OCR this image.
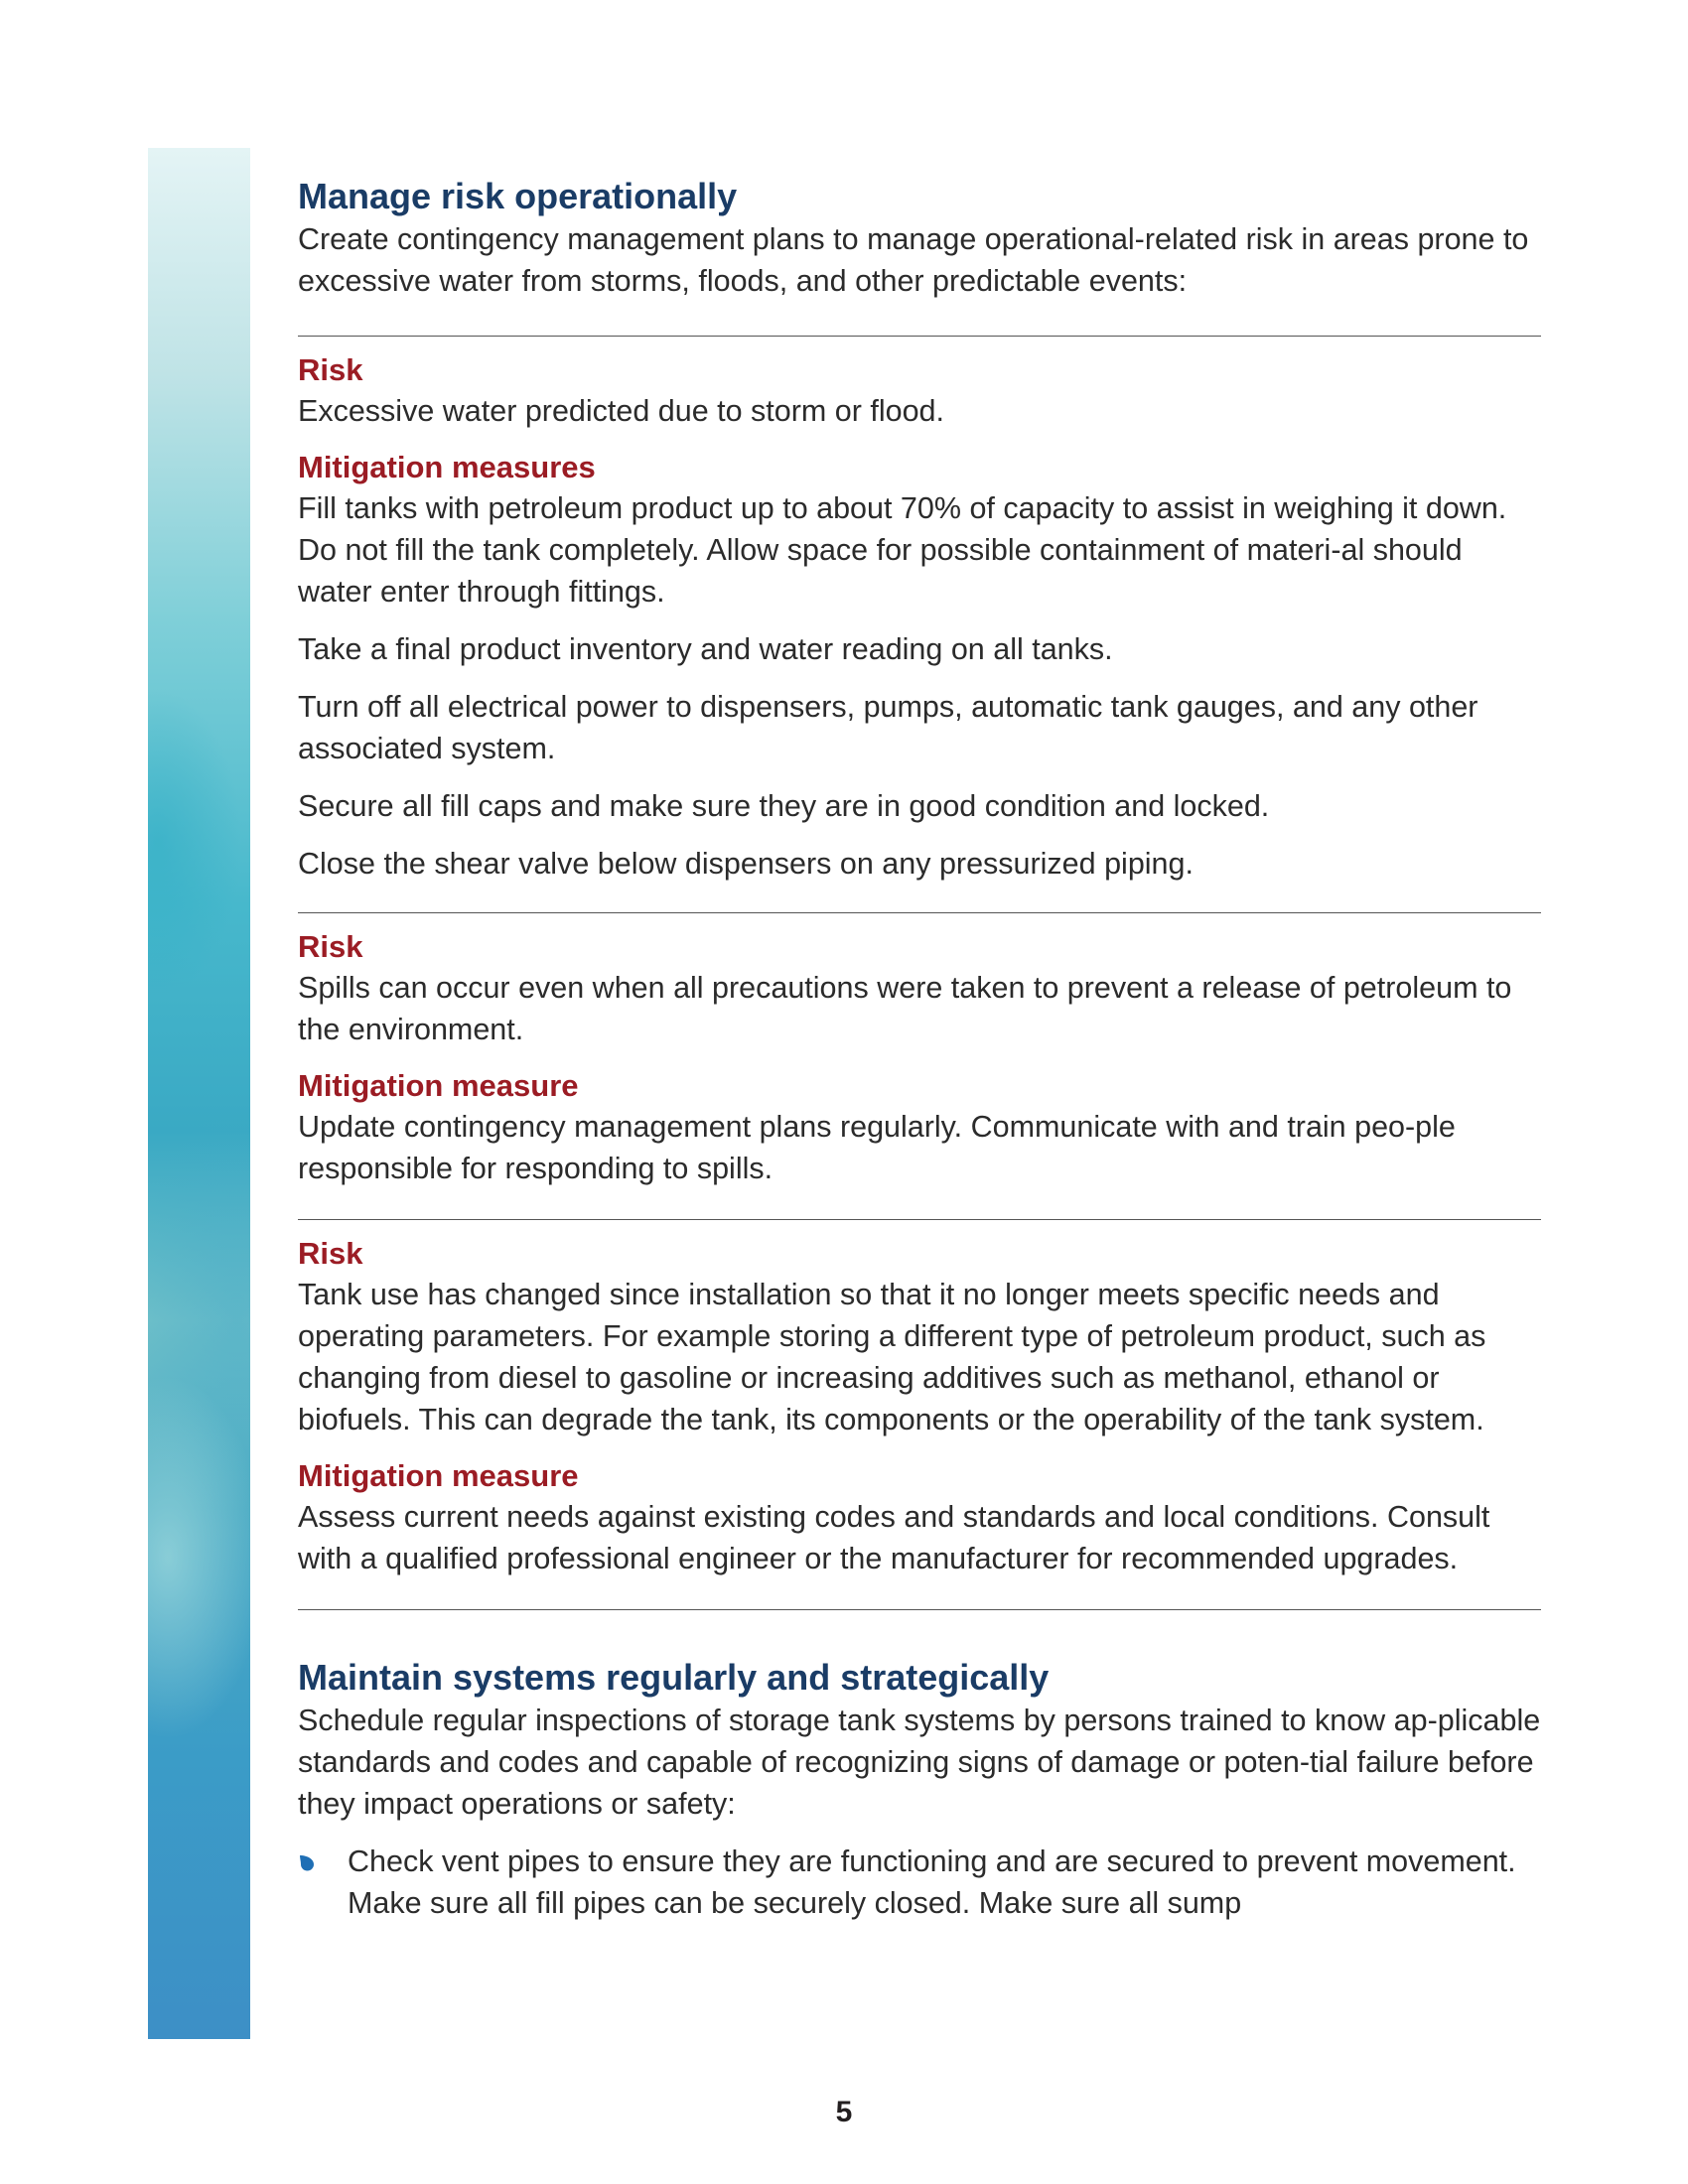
Manage risk operationally

Create contingency management plans to manage operational-related risk in areas prone to excessive water from storms, floods, and other predictable events:

Risk

Excessive water predicted due to storm or flood.

Mitigation measures

Fill tanks with petroleum product up to about 70% of capacity to assist in weighing it down. Do not fill the tank completely. Allow space for possible containment of materi-al should water enter through fittings.

Take a final product inventory and water reading on all tanks.

Turn off all electrical power to dispensers, pumps, automatic tank gauges, and any other associated system.

Secure all fill caps and make sure they are in good condition and locked.

Close the shear valve below dispensers on any pressurized piping.

Risk

Spills can occur even when all precautions were taken to prevent a release of petroleum to the environment.

Mitigation measure

Update contingency management plans regularly. Communicate with and train peo-ple responsible for responding to spills.

Risk

Tank use has changed since installation so that it no longer meets specific needs and operating parameters. For example storing a different type of petroleum product, such as changing from diesel to gasoline or increasing additives such as methanol, ethanol or biofuels. This can degrade the tank, its components or the operability of the tank system.

Mitigation measure

Assess current needs against existing codes and standards and local conditions. Consult with a qualified professional engineer or the manufacturer for recommended upgrades.

Maintain systems regularly and strategically

Schedule regular inspections of storage tank systems by persons trained to know ap-plicable standards and codes and capable of recognizing signs of damage or poten-tial failure before they impact operations or safety:

Check vent pipes to ensure they are functioning and are secured to prevent movement. Make sure all fill pipes can be securely closed. Make sure all sump

5
